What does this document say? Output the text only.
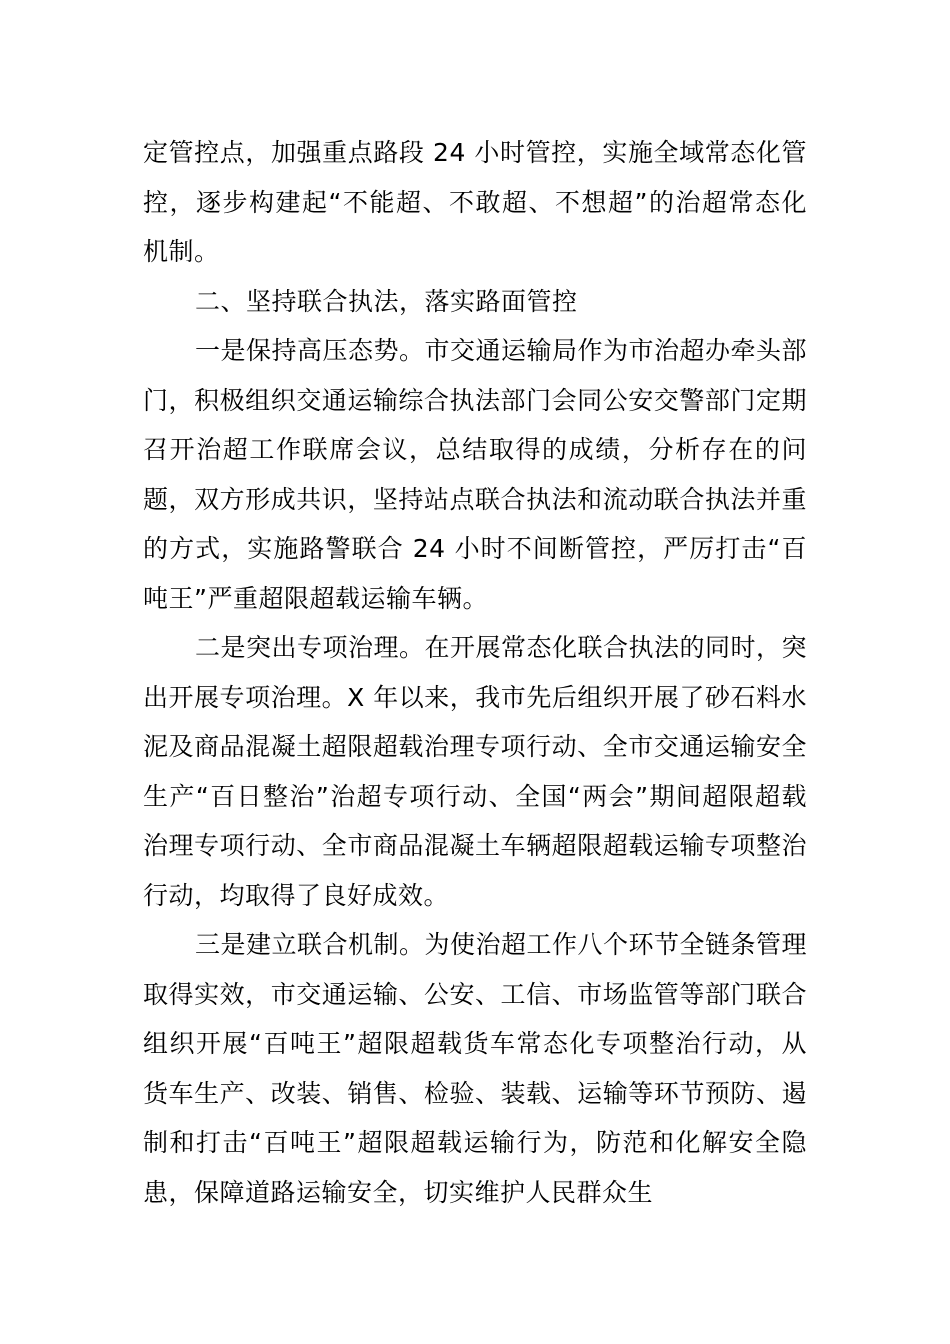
定管控点，加强重点路段 24 小时管控，实施全域常态化管控，逐步构建起“不能超、不敢超、不想超”的治超常态化机制。

二、坚持联合执法，落实路面管控

一是保持高压态势。市交通运输局作为市治超办牵头部门，积极组织交通运输综合执法部门会同公安交警部门定期召开治超工作联席会议，总结取得的成绩，分析存在的问题，双方形成共识，坚持站点联合执法和流动联合执法并重的方式，实施路警联合 24 小时不间断管控，严厉打击“百吨王”严重超限超载运输车辆。

二是突出专项治理。在开展常态化联合执法的同时，突出开展专项治理。X 年以来，我市先后组织开展了砂石料水泥及商品混凝土超限超载治理专项行动、全市交通运输安全生产“百日整治”治超专项行动、全国“两会”期间超限超载治理专项行动、全市商品混凝土车辆超限超载运输专项整治行动，均取得了良好成效。

三是建立联合机制。为使治超工作八个环节全链条管理取得实效，市交通运输、公安、工信、市场监管等部门联合组织开展“百吨王”超限超载货车常态化专项整治行动，从货车生产、改装、销售、检验、装载、运输等环节预防、遏制和打击“百吨王”超限超载运输行为，防范和化解安全隐患，保障道路运输安全，切实维护人民群众生
